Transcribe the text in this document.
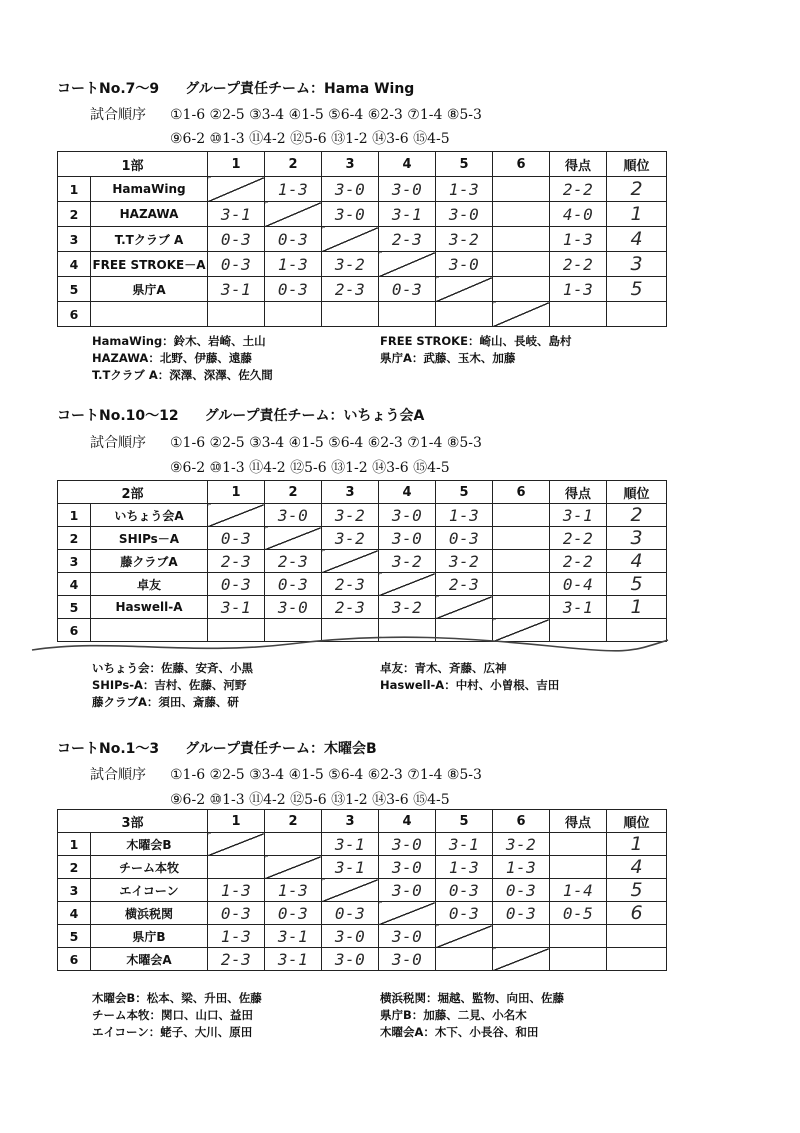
コートNo.7～9 グループ責任チーム：Hama Wing
試合順序 ①1-6 ②2-5 ③3-4 ④1-5 ⑤6-4 ⑥2-3 ⑦1-4 ⑧5-3
⑨6-2 ⑩1-3 ⑪4-2 ⑫5-6 ⑬1-2 ⑭3-6 ⑮4-5
1部		1	2	3	4	5	6	得点	順位
1	HamaWing		1-3	3-0	3-0	1-3		2-2	2
2	HAZAWA	3-1		3-0	3-1	3-0		4-0	1
3	T.Tクラブ A	0-3	0-3		2-3	3-2		1-3	4
4	FREE STROKE－A	0-3	1-3	3-2		3-0		2-2	3
5	県庁A	3-1	0-3	2-3	0-3			1-3	5
6									
HamaWing：鈴木、岩崎、土山
HAZAWA：北野、伊藤、遠藤
T.Tクラブ A：深澤、深澤、佐久間
FREE STROKE：崎山、長岐、島村
県庁A：武藤、玉木、加藤
コートNo.10～12 グループ責任チーム：いちょう会A
試合順序 ①1-6 ②2-5 ③3-4 ④1-5 ⑤6-4 ⑥2-3 ⑦1-4 ⑧5-3
⑨6-2 ⑩1-3 ⑪4-2 ⑫5-6 ⑬1-2 ⑭3-6 ⑮4-5
2部		1	2	3	4	5	6	得点	順位
1	いちょう会A		3-0	3-2	3-0	1-3		3-1	2
2	SHIPs－A	0-3		3-2	3-0	0-3		2-2	3
3	藤クラブA	2-3	2-3		3-2	3-2		2-2	4
4	卓友	0-3	0-3	2-3		2-3		0-4	5
5	Haswell-A	3-1	3-0	2-3	3-2			3-1	1
6									
いちょう会：佐藤、安斉、小黒
SHIPs-A：吉村、佐藤、河野
藤クラブA：須田、斎藤、研
卓友：青木、斉藤、広神
Haswell-A：中村、小曽根、吉田
コートNo.1～3 グループ責任チーム：木曜会B
試合順序 ①1-6 ②2-5 ③3-4 ④1-5 ⑤6-4 ⑥2-3 ⑦1-4 ⑧5-3
⑨6-2 ⑩1-3 ⑪4-2 ⑫5-6 ⑬1-2 ⑭3-6 ⑮4-5
3部		1	2	3	4	5	6	得点	順位
1	木曜会B			3-1	3-0	3-1	3-2		1
2	チーム本牧			3-1	3-0	1-3	1-3		4
3	エイコーン	1-3	1-3		3-0	0-3	0-3	1-4	5
4	横浜税関	0-3	0-3	0-3		0-3	0-3	0-5	6
5	県庁B	1-3	3-1	3-0	3-0				
6	木曜会A	2-3	3-1	3-0	3-0				
木曜会B：松本、梁、升田、佐藤
チーム本牧：関口、山口、益田
エイコーン：蛯子、大川、原田
横浜税関：堀越、監物、向田、佐藤
県庁B：加藤、二見、小名木
木曜会A：木下、小長谷、和田
